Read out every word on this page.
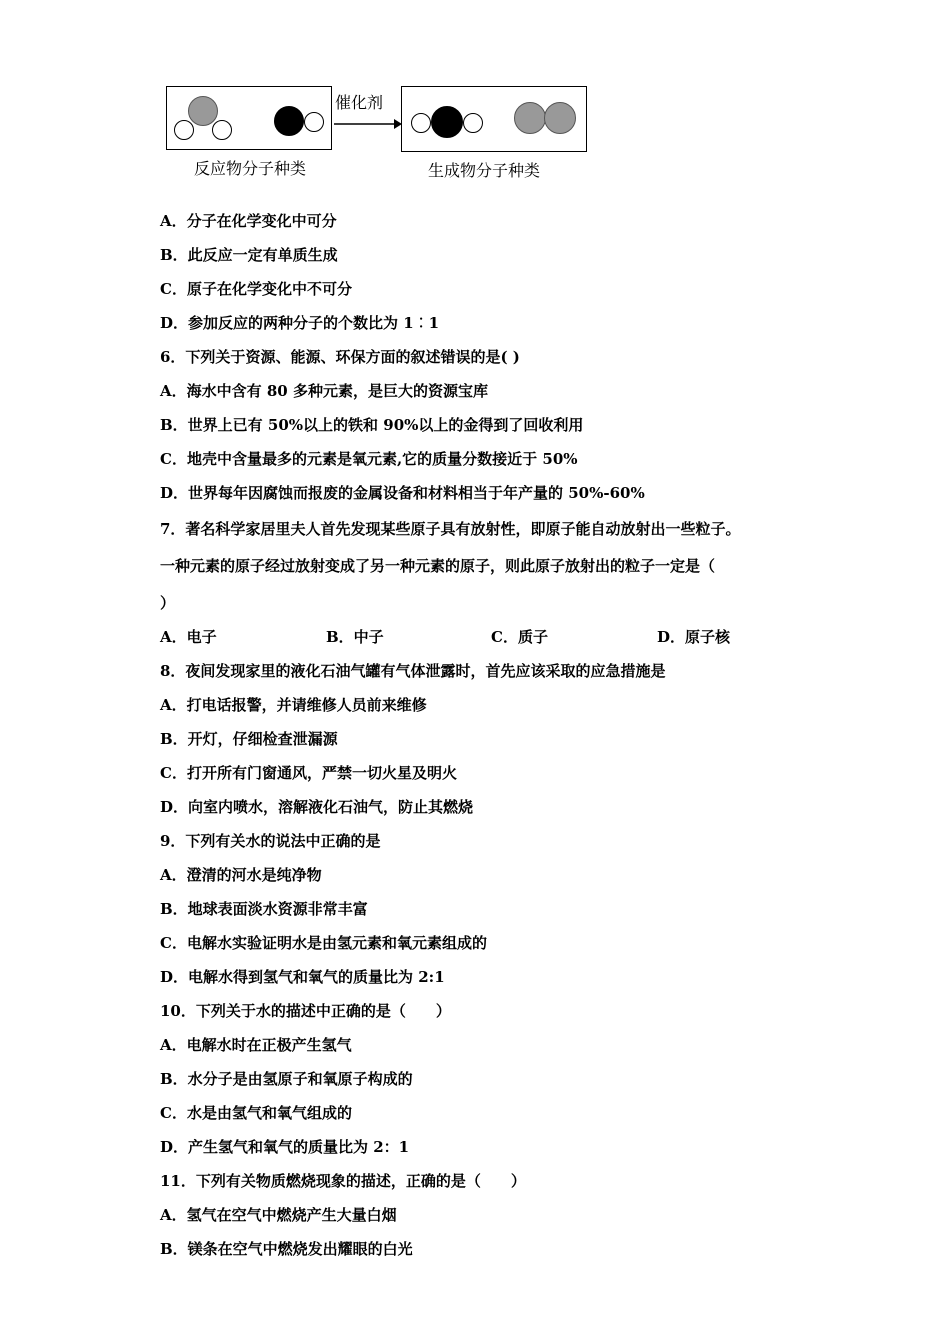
催化剂
反应物分子种类	生成物分子种类
A．分子在化学变化中可分
B．此反应一定有单质生成
C．原子在化学变化中不可分
D．参加反应的两种分子的个数比为 1︰1
6．下列关于资源、能源、环保方面的叙述错误的是( )
A．海水中含有 80 多种元素，是巨大的资源宝库
B．世界上已有 50%以上的铁和 90%以上的金得到了回收利用
C．地壳中含量最多的元素是氧元素,它的质量分数接近于 50%
D．世界每年因腐蚀而报废的金属设备和材料相当于年产量的 50%-60%
7．著名科学家居里夫人首先发现某些原子具有放射性，即原子能自动放射出一些粒子。
一种元素的原子经过放射变成了另一种元素的原子，则此原子放射出的粒子一定是（
）
A．电子	B．中子	C．质子	D．原子核
8．夜间发现家里的液化石油气罐有气体泄露时，首先应该采取的应急措施是
A．打电话报警，并请维修人员前来维修
B．开灯，仔细检查泄漏源
C．打开所有门窗通风，严禁一切火星及明火
D．向室内喷水，溶解液化石油气，防止其燃烧
9．下列有关水的说法中正确的是
A．澄清的河水是纯净物
B．地球表面淡水资源非常丰富
C．电解水实验证明水是由氢元素和氧元素组成的
D．电解水得到氢气和氧气的质量比为 2:1
10．下列关于水的描述中正确的是（　　）
A．电解水时在正极产生氢气
B．水分子是由氢原子和氧原子构成的
C．水是由氢气和氧气组成的
D．产生氢气和氧气的质量比为 2：1
11．下列有关物质燃烧现象的描述，正确的是（　　）
A．氢气在空气中燃烧产生大量白烟
B．镁条在空气中燃烧发出耀眼的白光
